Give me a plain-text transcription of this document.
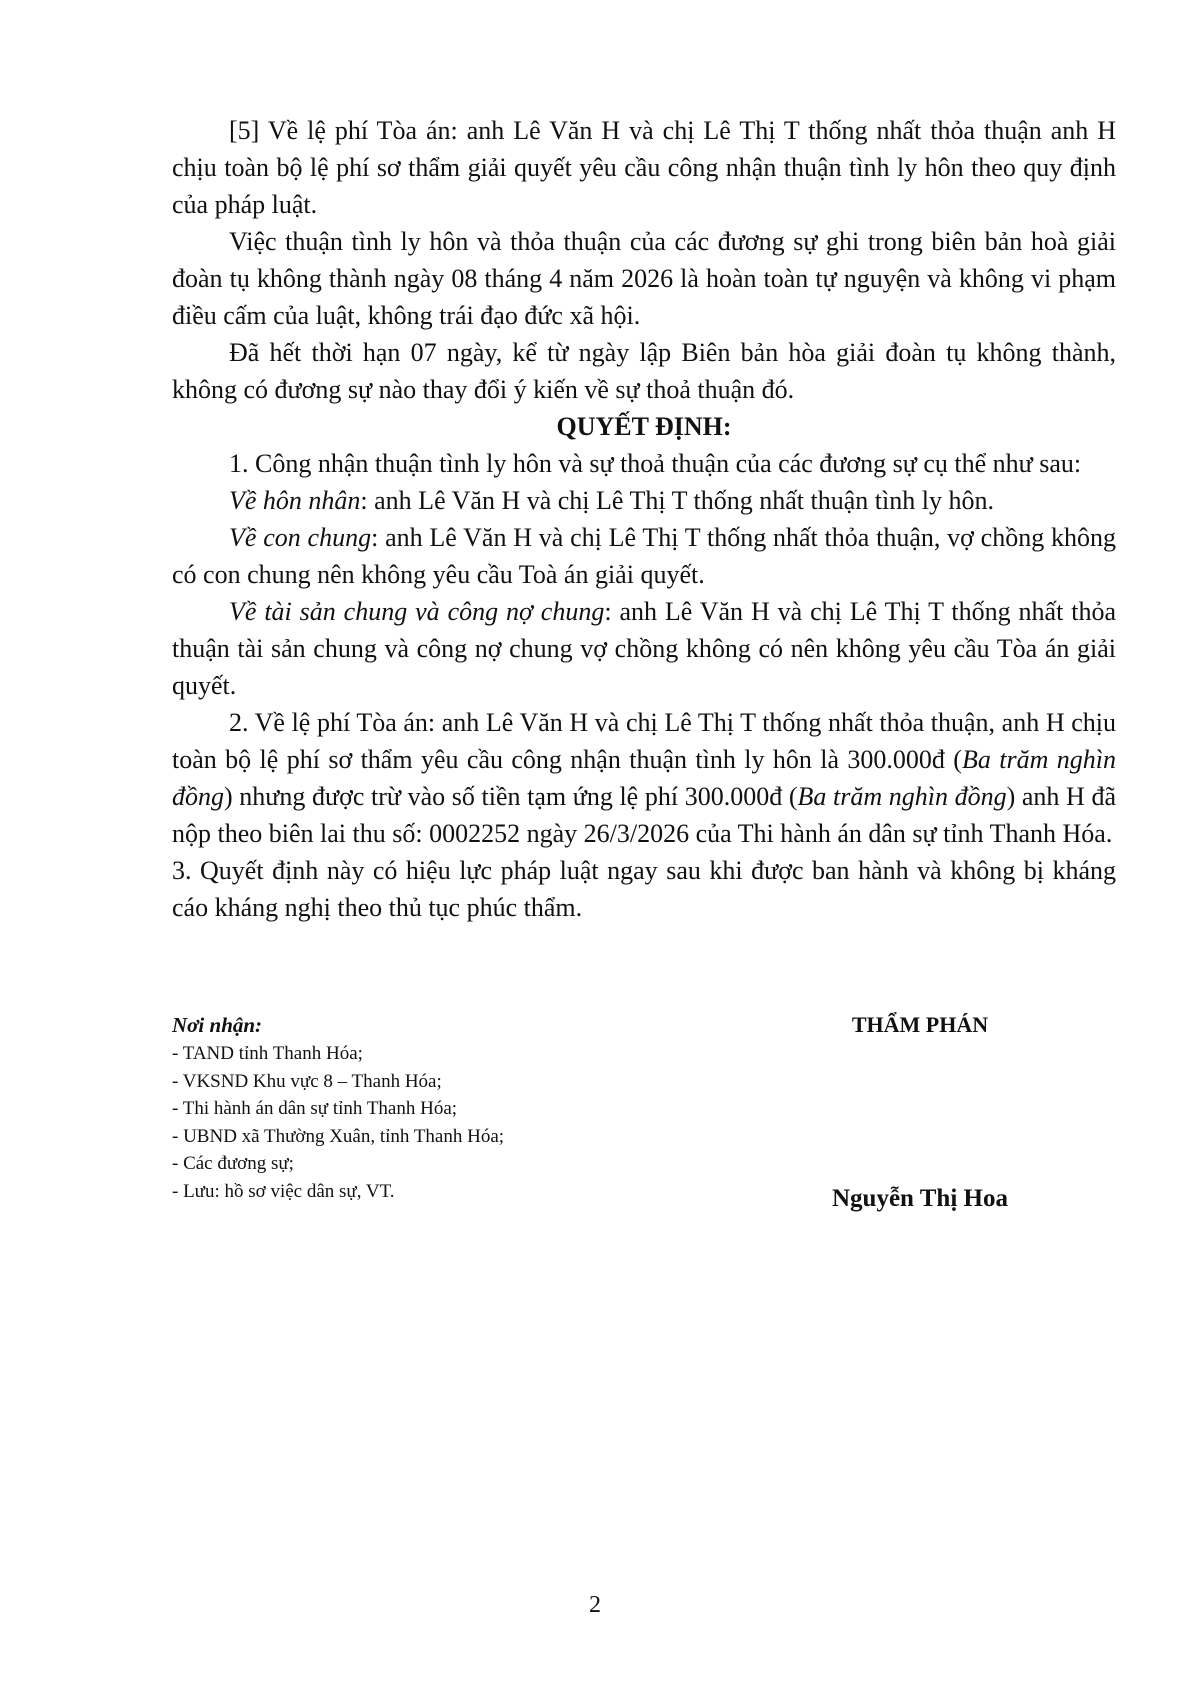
[5] Về lệ phí Tòa án: anh Lê Văn H và chị Lê Thị T thống nhất thỏa thuận anh H chịu toàn bộ lệ phí sơ thẩm giải quyết yêu cầu công nhận thuận tình ly hôn theo quy định của pháp luật.

Việc thuận tình ly hôn và thỏa thuận của các đương sự ghi trong biên bản hoà giải đoàn tụ không thành ngày 08 tháng 4 năm 2026 là hoàn toàn tự nguyện và không vi phạm điều cấm của luật, không trái đạo đức xã hội.

Đã hết thời hạn 07 ngày, kể từ ngày lập Biên bản hòa giải đoàn tụ không thành, không có đương sự nào thay đổi ý kiến về sự thoả thuận đó.

QUYẾT ĐỊNH:

1. Công nhận thuận tình ly hôn và sự thoả thuận của các đương sự cụ thể như sau:

Về hôn nhân: anh Lê Văn H và chị Lê Thị T thống nhất thuận tình ly hôn.

Về con chung: anh Lê Văn H và chị Lê Thị T thống nhất thỏa thuận, vợ chồng không có con chung nên không yêu cầu Toà án giải quyết.

Về tài sản chung và công nợ chung: anh Lê Văn H và chị Lê Thị T thống nhất thỏa thuận tài sản chung và công nợ chung vợ chồng không có nên không yêu cầu Tòa án giải quyết.

2. Về lệ phí Tòa án: anh Lê Văn H và chị Lê Thị T thống nhất thỏa thuận, anh H chịu toàn bộ lệ phí sơ thẩm yêu cầu công nhận thuận tình ly hôn là 300.000đ (Ba trăm nghìn đồng) nhưng được trừ vào số tiền tạm ứng lệ phí 300.000đ (Ba trăm nghìn đồng) anh H đã nộp theo biên lai thu số: 0002252 ngày 26/3/2026 của Thi hành án dân sự tỉnh Thanh Hóa.

3. Quyết định này có hiệu lực pháp luật ngay sau khi được ban hành và không bị kháng cáo kháng nghị theo thủ tục phúc thẩm.

Nơi nhận:

- TAND tỉnh Thanh Hóa;
- VKSND Khu vực 8 – Thanh Hóa;
- Thi hành án dân sự tỉnh Thanh Hóa;
- UBND xã Thường Xuân, tỉnh Thanh Hóa;
- Các đương sự;
- Lưu: hồ sơ việc dân sự, VT.

THẨM PHÁN

Nguyễn Thị Hoa

2
